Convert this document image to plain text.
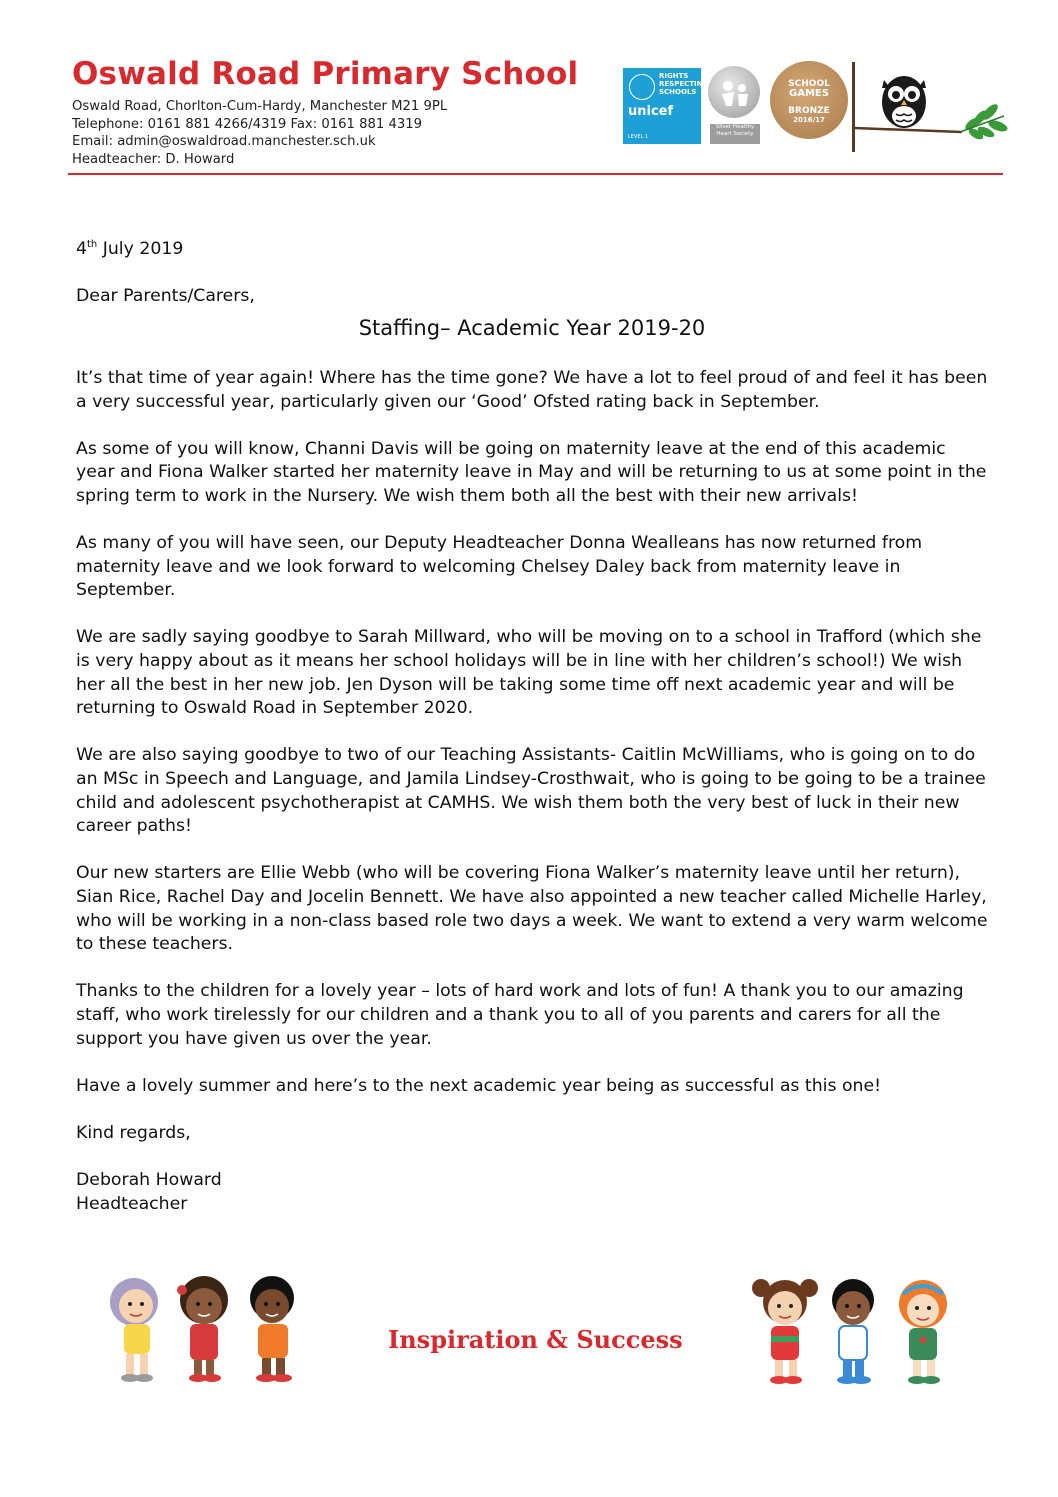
Oswald Road Primary School
Oswald Road, Chorlton-Cum-Hardy, Manchester M21 9PL
Telephone: 0161 881 4266/4319 Fax: 0161 881 4319
Email: admin@oswaldroad.manchester.sch.uk
Headteacher: D. Howard
RIGHTS RESPECTING SCHOOLS
unicef
LEVEL 1
Silver Healthy Heart Society
SCHOOL
GAMES
BRONZE
2016/17

4th July 2019

Dear Parents/Carers,

Staffing– Academic Year 2019-20

It’s that time of year again! Where has the time gone? We have a lot to feel proud of and feel it has been a very successful year, particularly given our ‘Good’ Ofsted rating back in September.

As some of you will know, Channi Davis will be going on maternity leave at the end of this academic year and Fiona Walker started her maternity leave in May and will be returning to us at some point in the spring term to work in the Nursery. We wish them both all the best with their new arrivals!

As many of you will have seen, our Deputy Headteacher Donna Wealleans has now returned from maternity leave and we look forward to welcoming Chelsey Daley back from maternity leave in September.

We are sadly saying goodbye to Sarah Millward, who will be moving on to a school in Trafford (which she is very happy about as it means her school holidays will be in line with her children’s school!) We wish her all the best in her new job. Jen Dyson will be taking some time off next academic year and will be returning to Oswald Road in September 2020.

We are also saying goodbye to two of our Teaching Assistants- Caitlin McWilliams, who is going on to do an MSc in Speech and Language, and Jamila Lindsey-Crosthwait, who is going to be going to be a trainee child and adolescent psychotherapist at CAMHS. We wish them both the very best of luck in their new career paths!

Our new starters are Ellie Webb (who will be covering Fiona Walker’s maternity leave until her return), Sian Rice, Rachel Day and Jocelin Bennett. We have also appointed a new teacher called Michelle Harley, who will be working in a non-class based role two days a week. We want to extend a very warm welcome to these teachers.

Thanks to the children for a lovely year – lots of hard work and lots of fun! A thank you to our amazing staff, who work tirelessly for our children and a thank you to all of you parents and carers for all the support you have given us over the year.

Have a lovely summer and here’s to the next academic year being as successful as this one!

Kind regards,

Deborah Howard

Headteacher

Inspiration & Success
